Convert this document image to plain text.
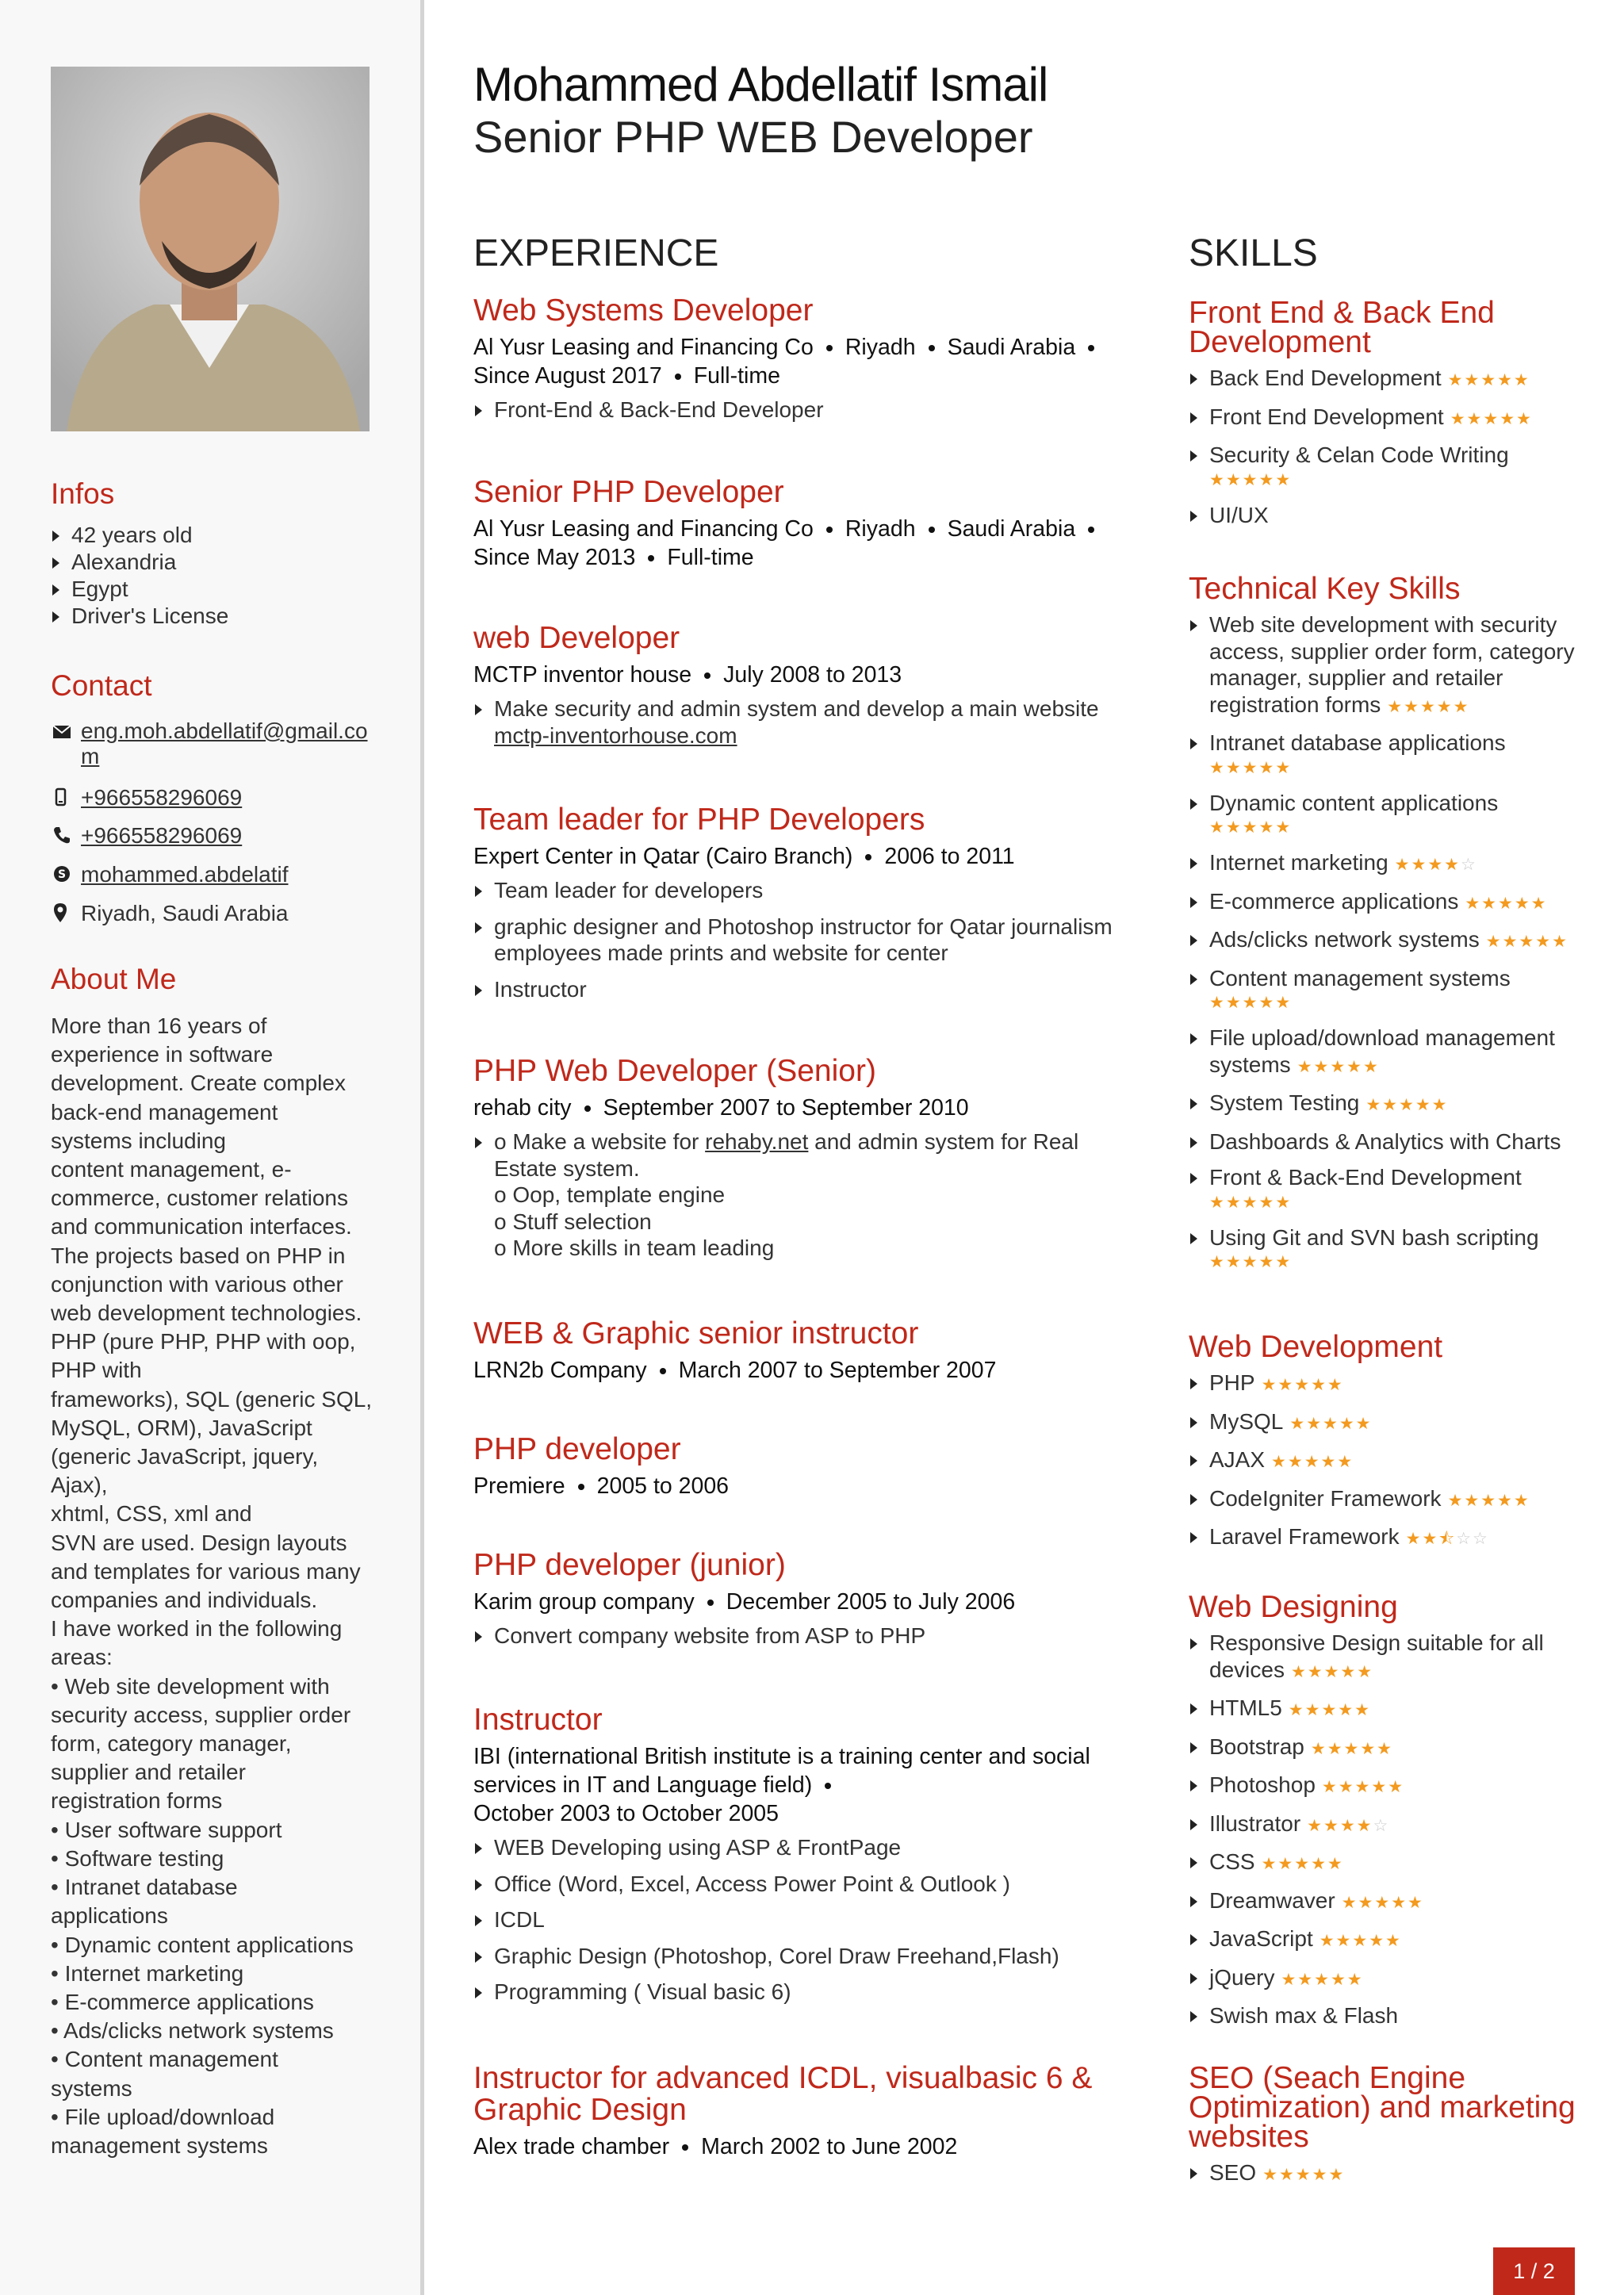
Infos
42 years old
Alexandria
Egypt
Driver's License
Contact
eng.moh.abdellatif@gmail.com
+966558296069
+966558296069
S mohammed.abdelatif
Riyadh, Saudi Arabia
About Me

More than 16 years of
experience in software
development. Create complex
back-end management
systems including
content management, e-
commerce, customer relations
and communication interfaces.
The projects based on PHP in
conjunction with various other
web development technologies.
PHP (pure PHP, PHP with oop,
PHP with
frameworks), SQL (generic SQL,
MySQL, ORM), JavaScript
(generic JavaScript, jquery, Ajax),
xhtml, CSS, xml and
SVN are used. Design layouts
and templates for various many
companies and individuals.
I have worked in the following
areas:
• Web site development with
security access, supplier order
form, category manager,
supplier and retailer
registration forms
• User software support
• Software testing
• Intranet database
applications
• Dynamic content applications
• Internet marketing
• E-commerce applications
• Ads/clicks network systems
• Content management
systems
• File upload/download
management systems

Mohammed Abdellatif Ismail
Senior PHP WEB Developer
EXPERIENCE
Web Systems Developer

Al Yusr Leasing and Financing Co Riyadh Saudi Arabia
Since August 2017 Full-time

Front-End & Back-End Developer
Senior PHP Developer

Al Yusr Leasing and Financing Co Riyadh Saudi Arabia
Since May 2013 Full-time

web Developer

MCTP inventor house July 2008 to 2013

Make security and admin system and develop a main website
mctp-inventorhouse.com
Team leader for PHP Developers

Expert Center in Qatar (Cairo Branch) 2006 to 2011

Team leader for developers
graphic designer and Photoshop instructor for Qatar journalism employees made prints and website for center
Instructor
PHP Web Developer (Senior)

rehab city September 2007 to September 2010

o Make a website for rehaby.net and admin system for Real Estate system.
o Oop, template engine
o Stuff selection
o More skills in team leading
WEB & Graphic senior instructor

LRN2b Company March 2007 to September 2007

PHP developer

Premiere 2005 to 2006

PHP developer (junior)

Karim group company December 2005 to July 2006

Convert company website from ASP to PHP
Instructor

IBI (international British institute is a training center and social services in IT and Language field)
October 2003 to October 2005

WEB Developing using ASP & FrontPage
Office (Word, Excel, Access Power Point & Outlook )
ICDL
Graphic Design (Photoshop, Corel Draw Freehand,Flash)
Programming ( Visual basic 6)
Instructor for advanced ICDL, visualbasic 6 & Graphic Design

Alex trade chamber March 2002 to June 2002

SKILLS
Front End & Back End Development
Back End Development ★★★★★
Front End Development ★★★★★
Security & Celan Code Writing
★★★★★
UI/UX
Technical Key Skills
Web site development with security access, supplier order form, category manager, supplier and retailer registration forms ★★★★★
Intranet database applications
★★★★★
Dynamic content applications
★★★★★
Internet marketing ★★★★☆
E-commerce applications ★★★★★
Ads/clicks network systems ★★★★★
Content management systems
★★★★★
File upload/download management systems ★★★★★
System Testing ★★★★★
Dashboards & Analytics with Charts
Front & Back-End Development
★★★★★
Using Git and SVN bash scripting
★★★★★
Web Development
PHP ★★★★★
MySQL ★★★★★
AJAX ★★★★★
CodeIgniter Framework ★★★★★
Laravel Framework ★★⯪☆☆
Web Designing
Responsive Design suitable for all devices ★★★★★
HTML5 ★★★★★
Bootstrap ★★★★★
Photoshop ★★★★★
Illustrator ★★★★☆
CSS ★★★★★
Dreamwaver ★★★★★
JavaScript ★★★★★
jQuery ★★★★★
Swish max & Flash
SEO (Seach Engine Optimization) and marketing websites
SEO ★★★★★
1 / 2
